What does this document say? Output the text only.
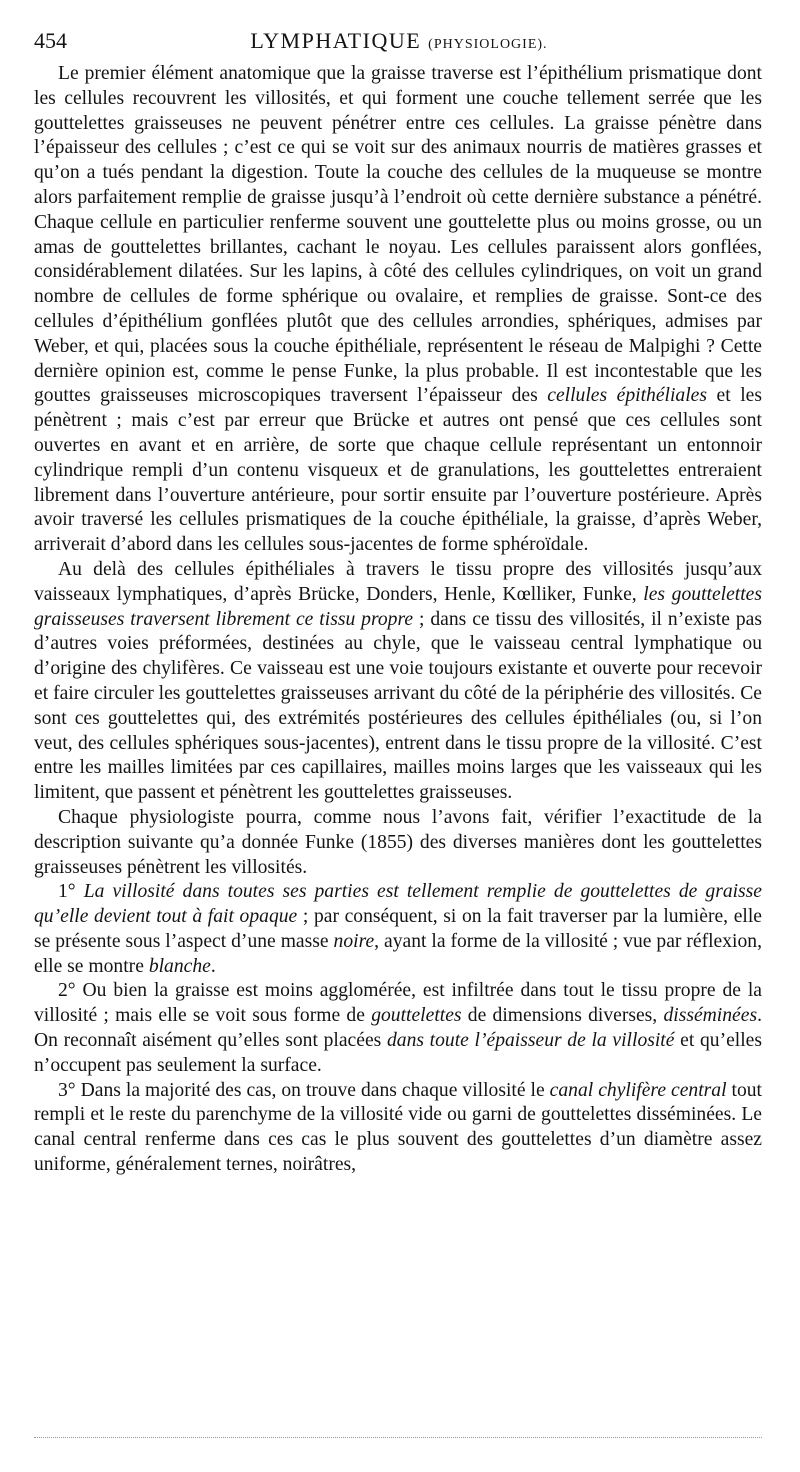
454	LYMPHATIQUE (PHYSIOLOGIE).

Le premier élément anatomique que la graisse traverse est l’épithélium prismatique dont les cellules recouvrent les villosités, et qui forment une couche tellement serrée que les gouttelettes graisseuses ne peuvent pénétrer entre ces cellules. La graisse pénètre dans l’épaisseur des cellules ; c’est ce qui se voit sur des animaux nourris de matières grasses et qu’on a tués pendant la digestion. Toute la couche des cellules de la muqueuse se montre alors parfaitement remplie de graisse jusqu’à l’endroit où cette dernière substance a pénétré. Chaque cellule en particulier renferme souvent une gouttelette plus ou moins grosse, ou un amas de gouttelettes brillantes, cachant le noyau. Les cellules paraissent alors gonflées, considérablement dilatées. Sur les lapins, à côté des cellules cylindriques, on voit un grand nombre de cellules de forme sphérique ou ovalaire, et remplies de graisse. Sont-ce des cellules d’épithélium gonflées plutôt que des cellules arrondies, sphériques, admises par Weber, et qui, placées sous la couche épithéliale, représentent le réseau de Malpighi ? Cette dernière opinion est, comme le pense Funke, la plus probable. Il est incontestable que les gouttes graisseuses microscopiques traversent l’épaisseur des cellules épithéliales et les pénètrent ; mais c’est par erreur que Brücke et autres ont pensé que ces cellules sont ouvertes en avant et en arrière, de sorte que chaque cellule représentant un entonnoir cylindrique rempli d’un contenu visqueux et de granulations, les gouttelettes entreraient librement dans l’ouverture antérieure, pour sortir ensuite par l’ouverture postérieure. Après avoir traversé les cellules prismatiques de la couche épithéliale, la graisse, d’après Weber, arriverait d’abord dans les cellules sous-jacentes de forme sphéroïdale.

Au delà des cellules épithéliales à travers le tissu propre des villosités jusqu’aux vaisseaux lymphatiques, d’après Brücke, Donders, Henle, Kœlliker, Funke, les gouttelettes graisseuses traversent librement ce tissu propre ; dans ce tissu des villosités, il n’existe pas d’autres voies préformées, destinées au chyle, que le vaisseau central lymphatique ou d’origine des chylifères. Ce vaisseau est une voie toujours existante et ouverte pour recevoir et faire circuler les gouttelettes graisseuses arrivant du côté de la périphérie des villosités. Ce sont ces gouttelettes qui, des extrémités postérieures des cellules épithéliales (ou, si l’on veut, des cellules sphériques sous-jacentes), entrent dans le tissu propre de la villosité. C’est entre les mailles limitées par ces capillaires, mailles moins larges que les vaisseaux qui les limitent, que passent et pénètrent les gouttelettes graisseuses.

Chaque physiologiste pourra, comme nous l’avons fait, vérifier l’exactitude de la description suivante qu’a donnée Funke (1855) des diverses manières dont les gouttelettes graisseuses pénètrent les villosités.

1° La villosité dans toutes ses parties est tellement remplie de gouttelettes de graisse qu’elle devient tout à fait opaque ; par conséquent, si on la fait traverser par la lumière, elle se présente sous l’aspect d’une masse noire, ayant la forme de la villosité ; vue par réflexion, elle se montre blanche.

2° Ou bien la graisse est moins agglomérée, est infiltrée dans tout le tissu propre de la villosité ; mais elle se voit sous forme de gouttelettes de dimensions diverses, disséminées. On reconnaît aisément qu’elles sont placées dans toute l’épaisseur de la villosité et qu’elles n’occupent pas seulement la surface.

3° Dans la majorité des cas, on trouve dans chaque villosité le canal chylifère central tout rempli et le reste du parenchyme de la villosité vide ou garni de gouttelettes disséminées. Le canal central renferme dans ces cas le plus souvent des gouttelettes d’un diamètre assez uniforme, généralement ternes, noirâtres,
